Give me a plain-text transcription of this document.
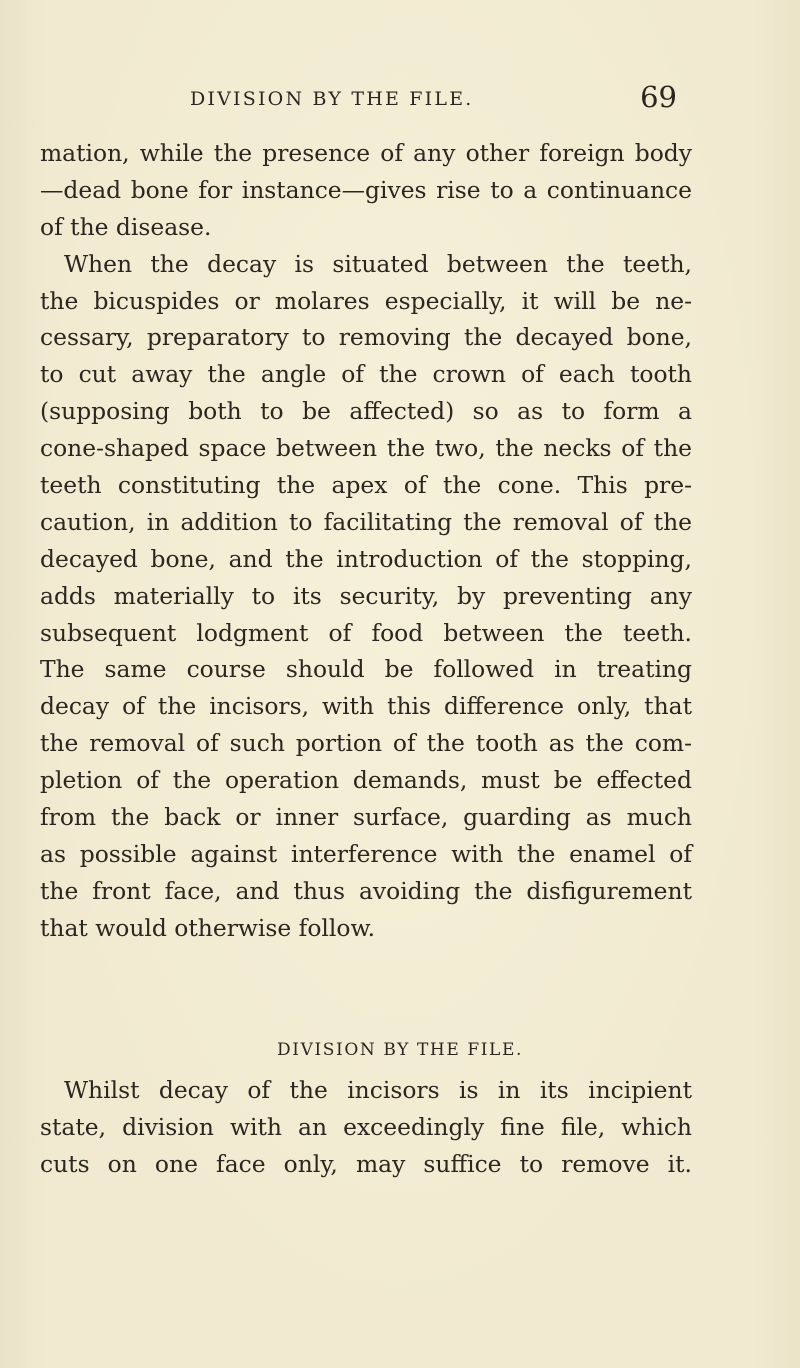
DIVISION BY THE FILE.	69
mation, while the presence of any other foreign body
—dead bone for instance—gives rise to a continuance
of the disease.
When the decay is situated between the teeth,
the bicuspides or molares especially, it will be ne-
cessary, preparatory to removing the decayed bone,
to cut away the angle of the crown of each tooth
(supposing both to be affected) so as to form a
cone-shaped space between the two, the necks of the
teeth constituting the apex of the cone. This pre-
caution, in addition to facilitating the removal of the
decayed bone, and the introduction of the stopping,
adds materially to its security, by preventing any
subsequent lodgment of food between the teeth.
The same course should be followed in treating
decay of the incisors, with this difference only, that
the removal of such portion of the tooth as the com-
pletion of the operation demands, must be effected
from the back or inner surface, guarding as much
as possible against interference with the enamel of
the front face, and thus avoiding the disfigurement
that would otherwise follow.
DIVISION BY THE FILE.
Whilst decay of the incisors is in its incipient
state, division with an exceedingly fine file, which
cuts on one face only, may suffice to remove it.
